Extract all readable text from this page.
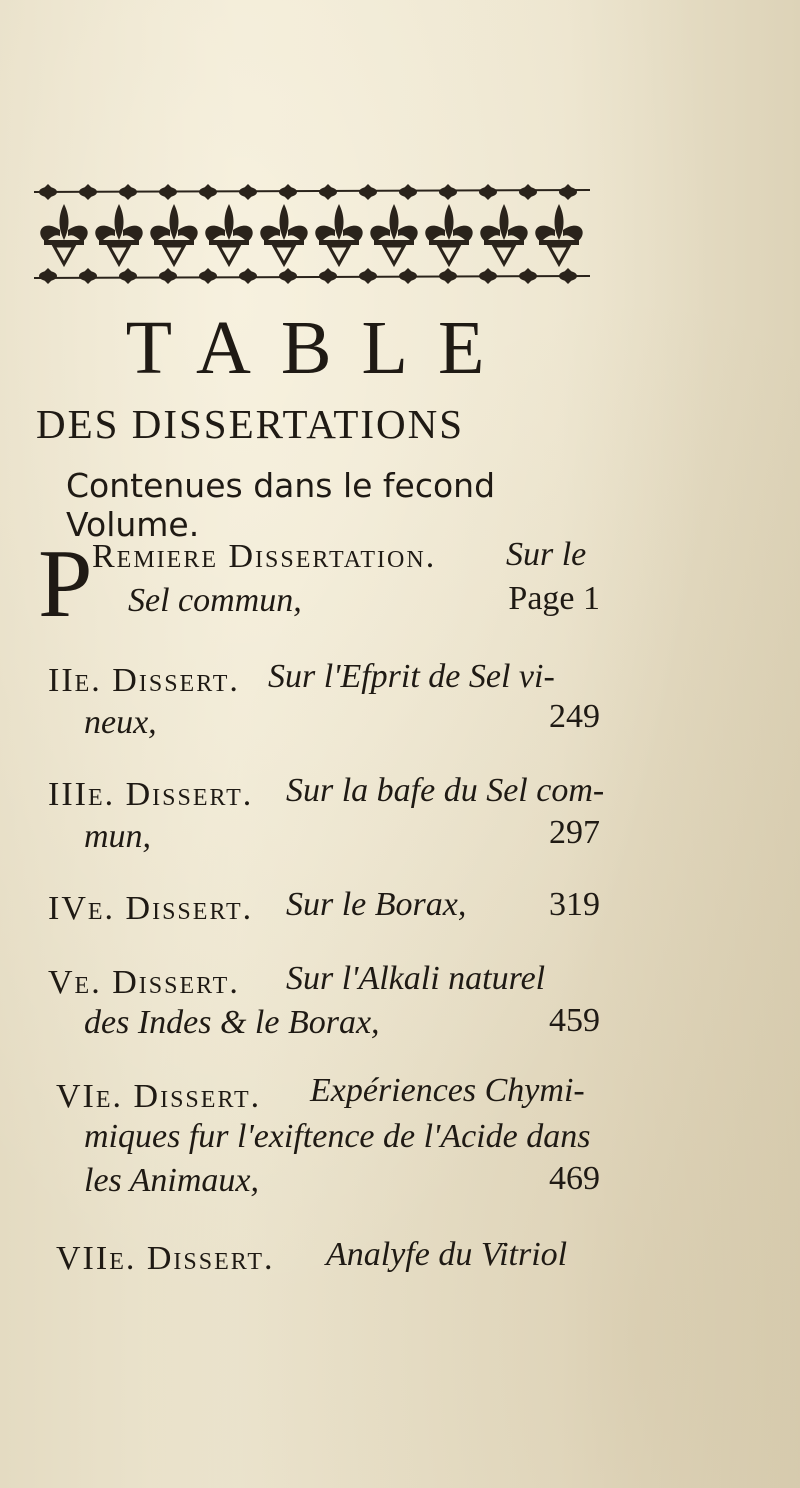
TABLE
DES DISSERTATIONS
Contenues dans le fecond Volume.
P Remiere Dissertation. Sur le
Sel commun,	Page 1
IIe. Dissert. Sur l'Efprit de Sel vi-
neux,	249
IIIe. Dissert. Sur la bafe du Sel com-
mun,	297
IVe. Dissert. Sur le Borax, 319
Ve. Dissert. Sur l'Alkali naturel
des Indes & le Borax,	459
VIe. Dissert. Expériences Chymi-
miques fur l'exiftence de l'Acide dans
les Animaux,	469
VIIe. Dissert. Analyfe du Vitriol
